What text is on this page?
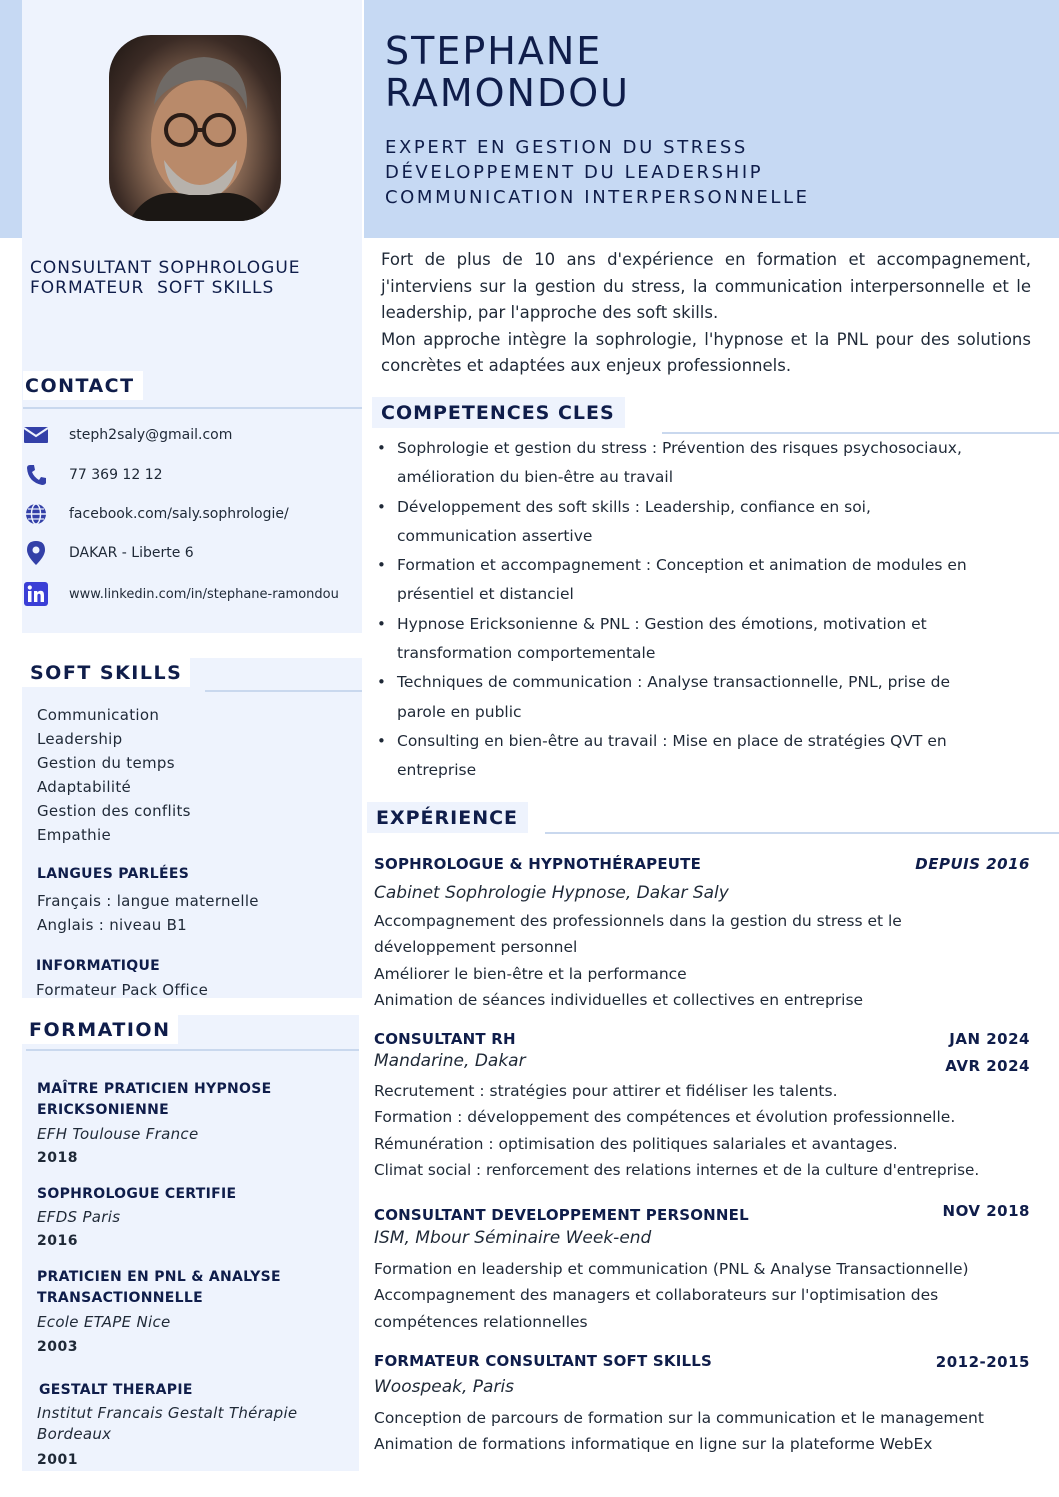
CONSULTANT SOPHROLOGUE
FORMATEUR  SOFT SKILLS
CONTACT
steph2saly@gmail.com
77 369 12 12
facebook.com/saly.sophrologie/
DAKAR - Liberte 6
www.linkedin.com/in/stephane-ramondou
SOFT SKILLS
Communication
Leadership
Gestion du temps
Adaptabilité
Gestion des conflits
Empathie
LANGUES PARLÉES
Français : langue maternelle
Anglais : niveau B1
INFORMATIQUE
Formateur Pack Office
FORMATION
MAÎTRE PRATICIEN HYPNOSE ERICKSONIENNE
EFH Toulouse France
2018
SOPHROLOGUE CERTIFIE
EFDS Paris
2016
PRATICIEN EN PNL & ANALYSE TRANSACTIONNELLE
Ecole ETAPE Nice
2003
GESTALT THERAPIE
Institut Francais Gestalt Thérapie Bordeaux
2001
STEPHANE
RAMONDOU
EXPERT EN GESTION DU STRESS
DÉVELOPPEMENT DU LEADERSHIP
COMMUNICATION INTERPERSONNELLE

Fort de plus de 10 ans d'expérience en formation et accompagnement, j'interviens sur la gestion du stress, la communication interpersonnelle et le leadership, par l'approche des soft skills.

Mon approche intègre la sophrologie, l'hypnose et la PNL pour des solutions concrètes et adaptées aux enjeux professionnels.

COMPETENCES CLES
• Sophrologie et gestion du stress : Prévention des risques psychosociaux,
amélioration du bien-être au travail
• Développement des soft skills : Leadership, confiance en soi,
communication assertive
• Formation et accompagnement : Conception et animation de modules en
présentiel et distanciel
• Hypnose Ericksonienne & PNL : Gestion des émotions, motivation et
transformation comportementale
• Techniques de communication : Analyse transactionnelle, PNL, prise de
parole en public
• Consulting en bien-être au travail : Mise en place de stratégies QVT en
entreprise
EXPÉRIENCE
SOPHROLOGUE & HYPNOTHÉRAPEUTE	DEPUIS 2016
Cabinet Sophrologie Hypnose, Dakar Saly
Accompagnement des professionnels dans la gestion du stress et le
développement personnel
Améliorer le bien-être et la performance
Animation de séances individuelles et collectives en entreprise
CONSULTANT RH	JAN 2024
AVR 2024
Mandarine, Dakar
Recrutement : stratégies pour attirer et fidéliser les talents.
Formation : développement des compétences et évolution professionnelle.
Rémunération : optimisation des politiques salariales et avantages.
Climat social : renforcement des relations internes et de la culture d'entreprise.
CONSULTANT DEVELOPPEMENT PERSONNEL	NOV 2018
ISM, Mbour Séminaire Week-end
Formation en leadership et communication (PNL & Analyse Transactionnelle)
Accompagnement des managers et collaborateurs sur l'optimisation des
compétences relationnelles
FORMATEUR CONSULTANT SOFT SKILLS	2012-2015
Woospeak, Paris
Conception de parcours de formation sur la communication et le management
Animation de formations informatique en ligne sur la plateforme WebEx
